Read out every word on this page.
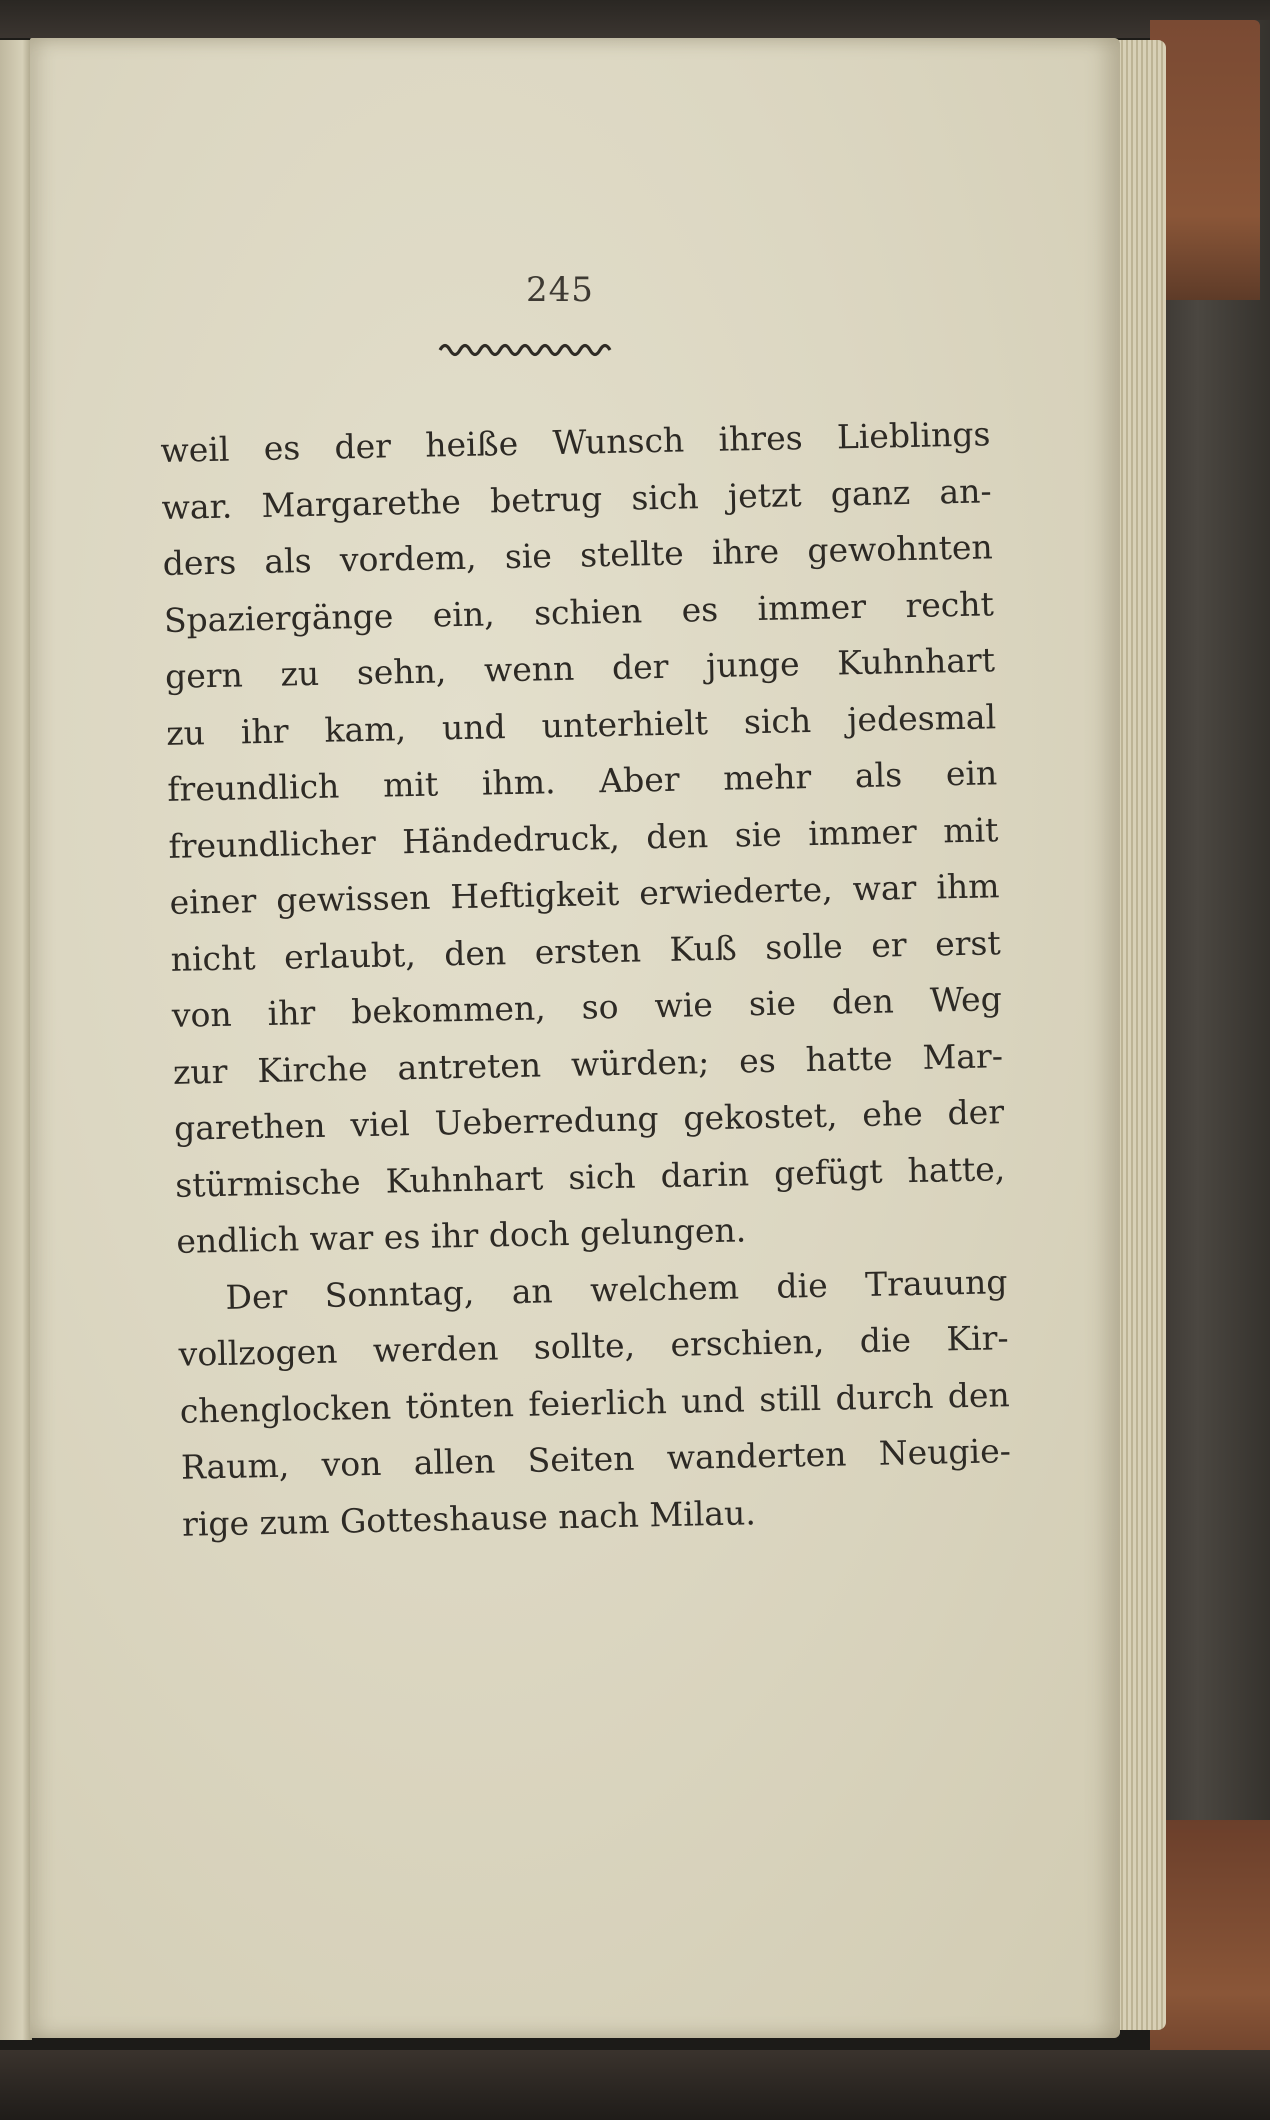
245
weil es der heiße Wunsch ihres Lieblings
war. Margarethe betrug sich jetzt ganz an-
ders als vordem, sie stellte ihre gewohnten
Spaziergänge ein, schien es immer recht
gern zu sehn, wenn der junge Kuhnhart
zu ihr kam, und unterhielt sich jedesmal
freundlich mit ihm. Aber mehr als ein
freundlicher Händedruck, den sie immer mit
einer gewissen Heftigkeit erwiederte, war ihm
nicht erlaubt, den ersten Kuß solle er erst
von ihr bekommen, so wie sie den Weg
zur Kirche antreten würden; es hatte Mar-
garethen viel Ueberredung gekostet, ehe der
stürmische Kuhnhart sich darin gefügt hatte,
endlich war es ihr doch gelungen.
Der Sonntag, an welchem die Trauung
vollzogen werden sollte, erschien, die Kir-
chenglocken tönten feierlich und still durch den
Raum, von allen Seiten wanderten Neugie-
rige zum Gotteshause nach Milau.
